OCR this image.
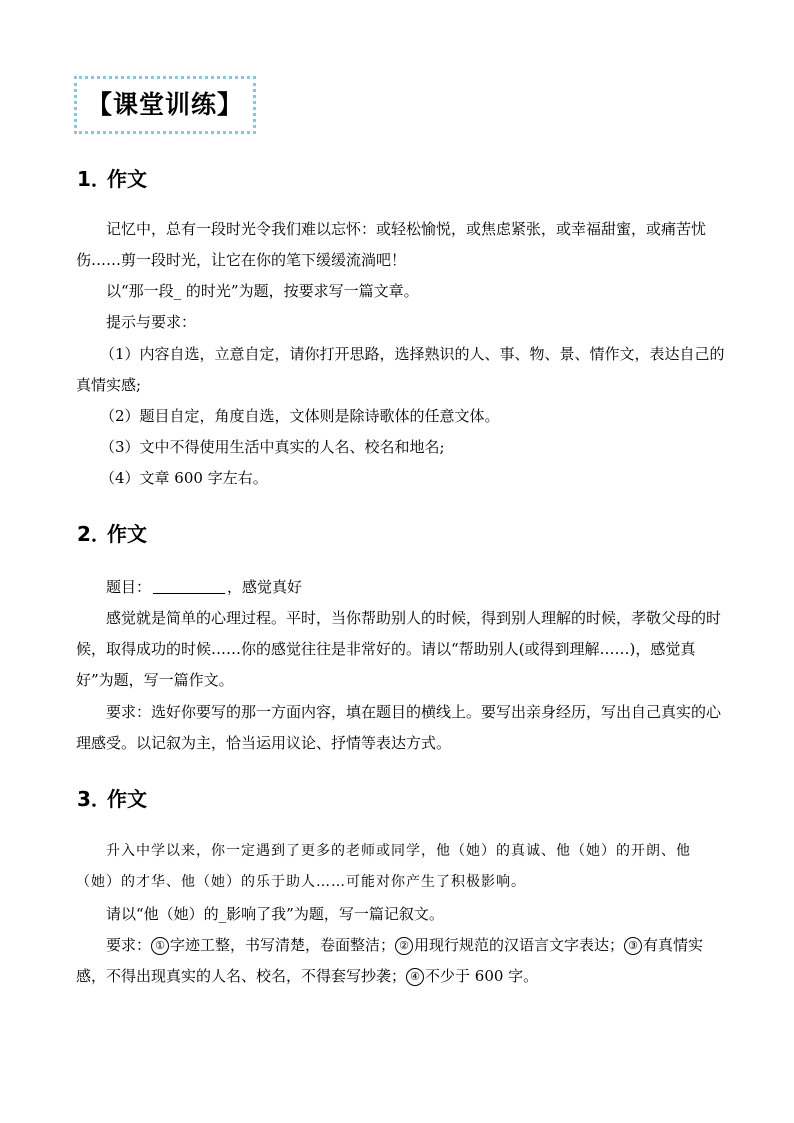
【课堂训练】
1．作文

记忆中，总有一段时光令我们难以忘怀：或轻松愉悦，或焦虑紧张，或幸福甜蜜，或痛苦忧伤……剪一段时光，让它在你的笔下缓缓流淌吧！

以“那一段_ 的时光”为题，按要求写一篇文章。

提示与要求：

（1）内容自选，立意自定，请你打开思路，选择熟识的人、事、物、景、情作文，表达自己的真情实感;

（2）题目自定，角度自选，文体则是除诗歌体的任意文体。

（3）文中不得使用生活中真实的人名、校名和地名;

（4）文章 600 字左右。

2．作文

题目：	，感觉真好

感觉就是简单的心理过程。平时，当你帮助别人的时候，得到别人理解的时候，孝敬父母的时候，取得成功的时候……你的感觉往往是非常好的。请以“帮助别人(或得到理解……)，感觉真好”为题，写一篇作文。

要求：选好你要写的那一方面内容，填在题目的横线上。要写出亲身经历，写出自己真实的心理感受。以记叙为主，恰当运用议论、抒情等表达方式。

3．作文

升入中学以来，你一定遇到了更多的老师或同学，他（她）的真诚、他（她）的开朗、他（她）的才华、他（她）的乐于助人……可能对你产生了积极影响。

请以“他（她）的_影响了我”为题，写一篇记叙文。

要求： ① 字迹工整，书写清楚，卷面整洁； ② 用现行规范的汉语言文字表达； ③ 有真情实感，不得出现真实的人名、校名，不得套写抄袭； ④ 不少于 600 字。
